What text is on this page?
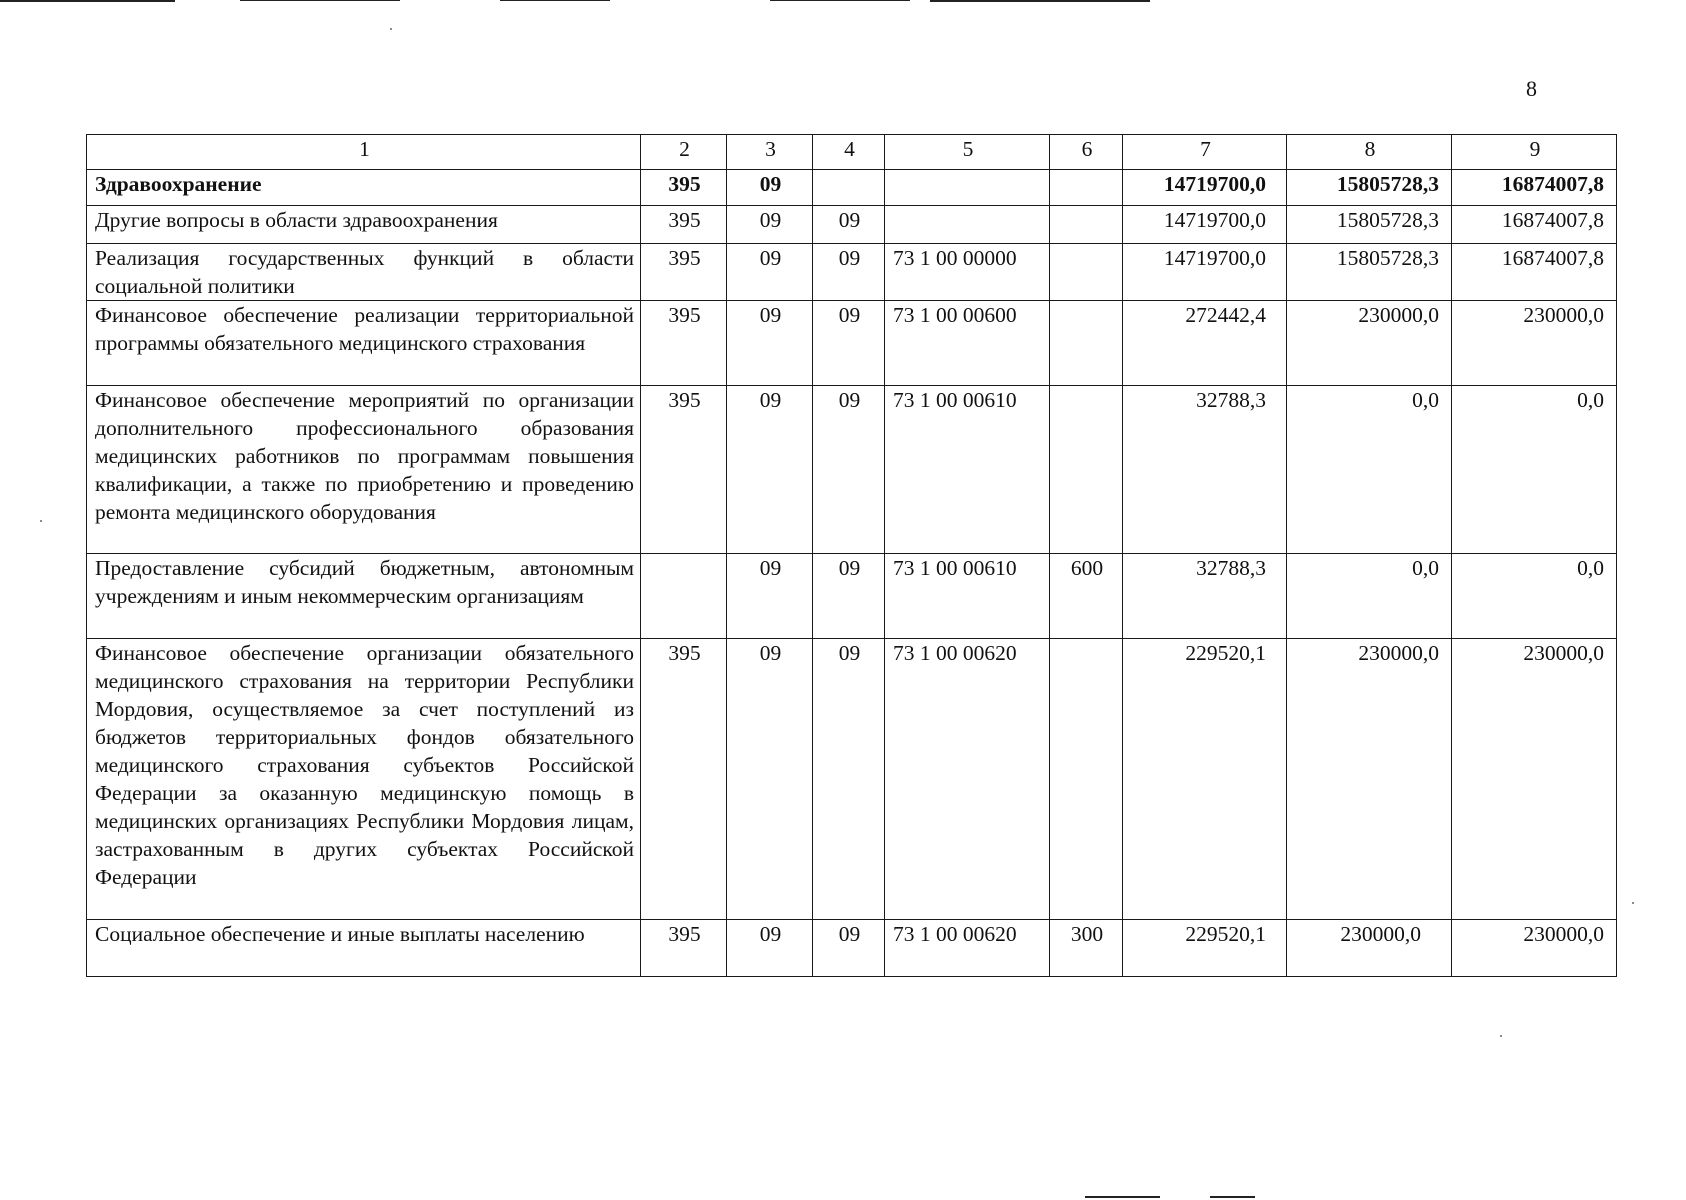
8
1	2	3	4	5	6	7	8	9
Здравоохранение	395	09				14719700,0	15805728,3	16874007,8
Другие вопросы в области здравоохранения	395	09	09			14719700,0	15805728,3	16874007,8
Реализация государственных функций в области социальной политики	395	09	09	73 1 00 00000		14719700,0	15805728,3	16874007,8
Финансовое обеспечение реализации территориальной программы обязательного медицинского страхования	395	09	09	73 1 00 00600		272442,4	230000,0	230000,0
Финансовое обеспечение мероприятий по организации дополнительного профессионального образования медицинских работников по программам повышения квалификации, а также по приобретению и проведению ремонта медицинского оборудования	395	09	09	73 1 00 00610		32788,3	0,0	0,0
Предоставление субсидий бюджетным, автономным учреждениям и иным некоммерческим организациям		09	09	73 1 00 00610	600	32788,3	0,0	0,0
Финансовое обеспечение организации обязательного медицинского страхования на территории Республики Мордовия, осуществляемое за счет поступлений из бюджетов территориальных фондов обязательного медицинского страхования субъектов Российской Федерации за оказанную медицинскую помощь в медицинских организациях Республики Мордовия лицам, застрахованным в других субъектах Российской Федерации	395	09	09	73 1 00 00620		229520,1	230000,0	230000,0
Социальное обеспечение и иные выплаты населению	395	09	09	73 1 00 00620	300	229520,1	230000,0	230000,0
